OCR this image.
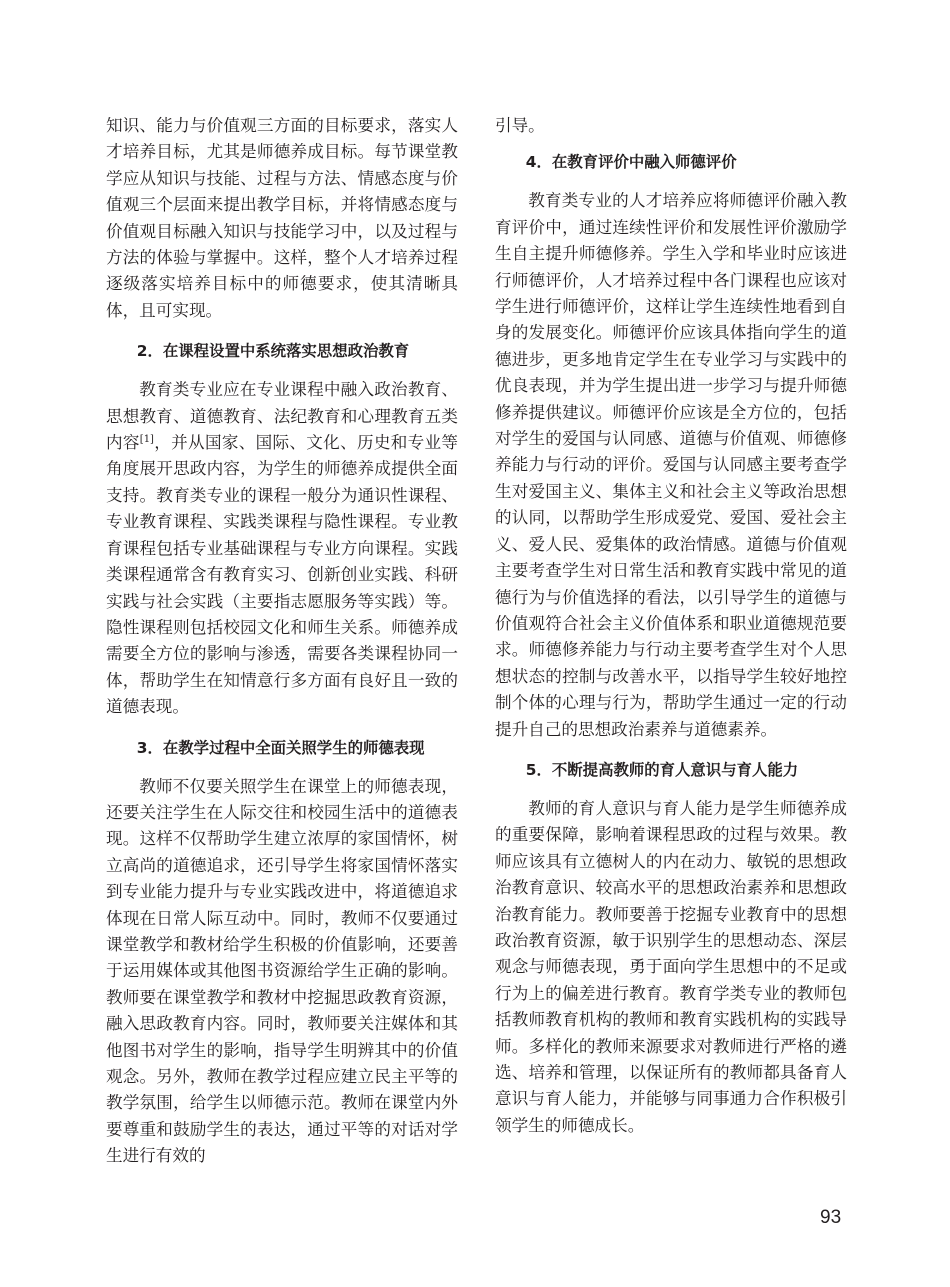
知识、能力与价值观三方面的目标要求，落实人才培养目标，尤其是师德养成目标。每节课堂教学应从知识与技能、过程与方法、情感态度与价值观三个层面来提出教学目标，并将情感态度与价值观目标融入知识与技能学习中，以及过程与方法的体验与掌握中。这样，整个人才培养过程逐级落实培养目标中的师德要求，使其清晰具体，且可实现。

2．在课程设置中系统落实思想政治教育

教育类专业应在专业课程中融入政治教育、思想教育、道德教育、法纪教育和心理教育五类内容[1]，并从国家、国际、文化、历史和专业等角度展开思政内容，为学生的师德养成提供全面支持。教育类专业的课程一般分为通识性课程、专业教育课程、实践类课程与隐性课程。专业教育课程包括专业基础课程与专业方向课程。实践类课程通常含有教育实习、创新创业实践、科研实践与社会实践（主要指志愿服务等实践）等。隐性课程则包括校园文化和师生关系。师德养成需要全方位的影响与渗透，需要各类课程协同一体，帮助学生在知情意行多方面有良好且一致的道德表现。

3．在教学过程中全面关照学生的师德表现

教师不仅要关照学生在课堂上的师德表现，还要关注学生在人际交往和校园生活中的道德表现。这样不仅帮助学生建立浓厚的家国情怀，树立高尚的道德追求，还引导学生将家国情怀落实到专业能力提升与专业实践改进中，将道德追求体现在日常人际互动中。同时，教师不仅要通过课堂教学和教材给学生积极的价值影响，还要善于运用媒体或其他图书资源给学生正确的影响。教师要在课堂教学和教材中挖掘思政教育资源，融入思政教育内容。同时，教师要关注媒体和其他图书对学生的影响，指导学生明辨其中的价值观念。另外，教师在教学过程应建立民主平等的教学氛围，给学生以师德示范。教师在课堂内外要尊重和鼓励学生的表达，通过平等的对话对学生进行有效的

引导。

4．在教育评价中融入师德评价

教育类专业的人才培养应将师德评价融入教育评价中，通过连续性评价和发展性评价激励学生自主提升师德修养。学生入学和毕业时应该进行师德评价，人才培养过程中各门课程也应该对学生进行师德评价，这样让学生连续性地看到自身的发展变化。师德评价应该具体指向学生的道德进步，更多地肯定学生在专业学习与实践中的优良表现，并为学生提出进一步学习与提升师德修养提供建议。师德评价应该是全方位的，包括对学生的爱国与认同感、道德与价值观、师德修养能力与行动的评价。爱国与认同感主要考查学生对爱国主义、集体主义和社会主义等政治思想的认同，以帮助学生形成爱党、爱国、爱社会主义、爱人民、爱集体的政治情感。道德与价值观主要考查学生对日常生活和教育实践中常见的道德行为与价值选择的看法，以引导学生的道德与价值观符合社会主义价值体系和职业道德规范要求。师德修养能力与行动主要考查学生对个人思想状态的控制与改善水平，以指导学生较好地控制个体的心理与行为，帮助学生通过一定的行动提升自己的思想政治素养与道德素养。

5．不断提高教师的育人意识与育人能力

教师的育人意识与育人能力是学生师德养成的重要保障，影响着课程思政的过程与效果。教师应该具有立德树人的内在动力、敏锐的思想政治教育意识、较高水平的思想政治素养和思想政治教育能力。教师要善于挖掘专业教育中的思想政治教育资源，敏于识别学生的思想动态、深层观念与师德表现，勇于面向学生思想中的不足或行为上的偏差进行教育。教育学类专业的教师包括教师教育机构的教师和教育实践机构的实践导师。多样化的教师来源要求对教师进行严格的遴选、培养和管理，以保证所有的教师都具备育人意识与育人能力，并能够与同事通力合作积极引领学生的师德成长。

93
